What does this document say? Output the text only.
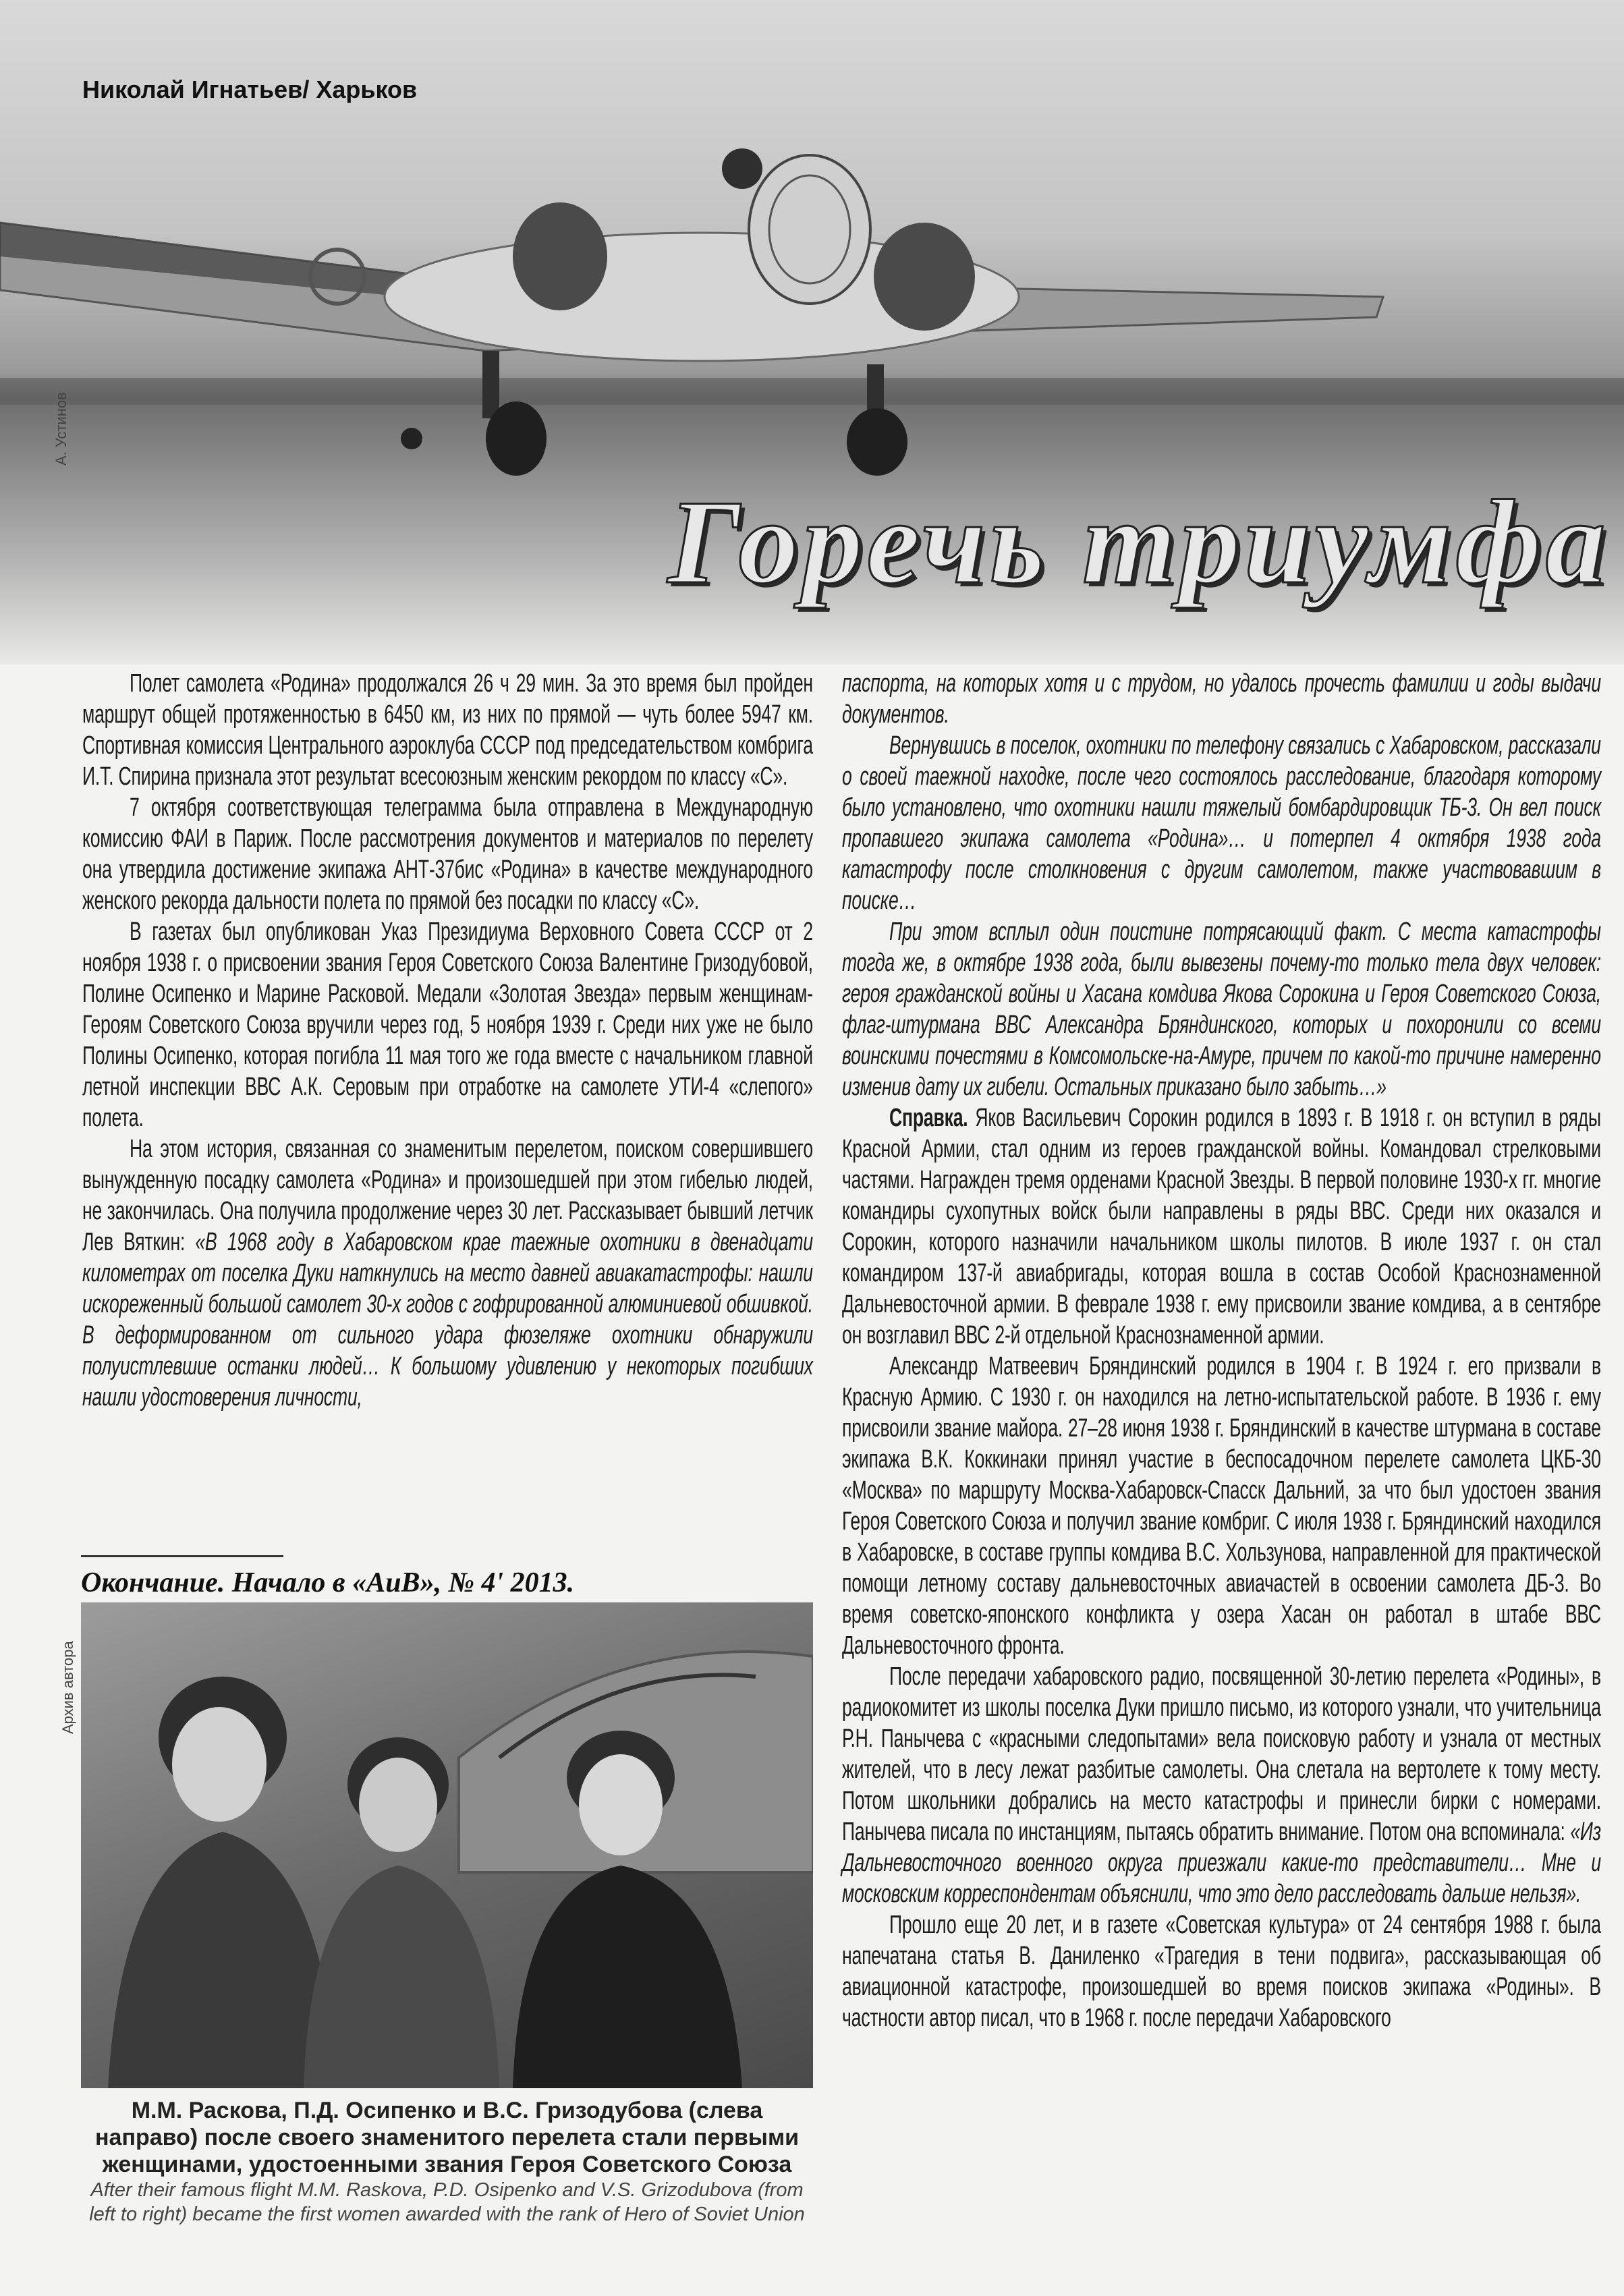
Николай Игнатьев/ Харьков
А. Устинов
Горечь триумфа

Полет самолета «Родина» продолжался 26 ч 29 мин. За это время был пройден маршрут общей протяженностью в 6450 км, из них по прямой — чуть более 5947 км. Спортивная комиссия Центрального аэроклуба СССР под председательством комбрига И.Т. Спирина признала этот результат всесоюзным женским рекордом по классу «С».

7 октября соответствующая телеграмма была отправлена в Международную комиссию ФАИ в Париж. После рассмотрения документов и материалов по перелету она утвердила достижение экипажа АНТ-37бис «Родина» в качестве международного женского рекорда дальности полета по прямой без посадки по классу «С».

В газетах был опубликован Указ Президиума Верховного Совета СССР от 2 ноября 1938 г. о присвоении звания Героя Советского Союза Валентине Гризодубовой, Полине Осипенко и Марине Расковой. Медали «Золотая Звезда» первым женщинам-Героям Советского Союза вручили через год, 5 ноября 1939 г. Среди них уже не было Полины Осипенко, которая погибла 11 мая того же года вместе с начальником главной летной инспекции ВВС А.К. Серовым при отработке на самолете УТИ-4 «слепого» полета.

На этом история, связанная со знаменитым перелетом, поиском совершившего вынужденную посадку самолета «Родина» и произошедшей при этом гибелью людей, не закончилась. Она получила продолжение через 30 лет. Рассказывает бывший летчик Лев Вяткин: «В 1968 году в Хабаровском крае таежные охотники в двенадцати километрах от поселка Дуки наткнулись на место давней авиакатастрофы: нашли искореженный большой самолет 30-х годов с гофрированной алюминиевой обшивкой. В деформированном от сильного удара фюзеляже охотники обнаружили полуистлевшие останки людей… К большому удивлению у некоторых погибших нашли удостоверения личности,

Окончание. Начало в «АиВ», № 4' 2013.
Архив автора
М.М. Раскова, П.Д. Осипенко и В.С. Гризодубова (слева направо) после своего знаменитого перелета стали первыми женщинами, удостоенными звания Героя Советского Союза
After their famous flight M.M. Raskova, P.D. Osipenko and V.S. Grizodubova (from left to right) became the first women awarded with the rank of Hero of Soviet Union

паспорта, на которых хотя и с трудом, но удалось прочесть фамилии и годы выдачи документов.

Вернувшись в поселок, охотники по телефону связались с Хабаровском, рассказали о своей таежной находке, после чего состоялось расследование, благодаря которому было установлено, что охотники нашли тяжелый бомбардировщик ТБ-3. Он вел поиск пропавшего экипажа самолета «Родина»… и потерпел 4 октября 1938 года катастрофу после столкновения с другим самолетом, также участвовавшим в поиске…

При этом всплыл один поистине потрясающий факт. С места катастрофы тогда же, в октябре 1938 года, были вывезены почему-то только тела двух человек: героя гражданской войны и Хасана комдива Якова Сорокина и Героя Советского Союза, флаг-штурмана ВВС Александра Бряндинского, которых и похоронили со всеми воинскими почестями в Комсомольске-на-Амуре, причем по какой-то причине намеренно изменив дату их гибели. Остальных приказано было забыть…»

Справка. Яков Васильевич Сорокин родился в 1893 г. В 1918 г. он вступил в ряды Красной Армии, стал одним из героев гражданской войны. Командовал стрелковыми частями. Награжден тремя орденами Красной Звезды. В первой половине 1930-х гг. многие командиры сухопутных войск были направлены в ряды ВВС. Среди них оказался и Сорокин, которого назначили начальником школы пилотов. В июле 1937 г. он стал командиром 137-й авиабригады, которая вошла в состав Особой Краснознаменной Дальневосточной армии. В феврале 1938 г. ему присвоили звание комдива, а в сентябре он возглавил ВВС 2-й отдельной Краснознаменной армии.

Александр Матвеевич Бряндинский родился в 1904 г. В 1924 г. его призвали в Красную Армию. С 1930 г. он находился на летно-испытательской работе. В 1936 г. ему присвоили звание майора. 27–28 июня 1938 г. Бряндинский в качестве штурмана в составе экипажа В.К. Коккинаки принял участие в беспосадочном перелете самолета ЦКБ-30 «Москва» по маршруту Москва-Хабаровск-Спасск Дальний, за что был удостоен звания Героя Советского Союза и получил звание комбриг. С июля 1938 г. Бряндинский находился в Хабаровске, в составе группы комдива В.С. Хользунова, направленной для практической помощи летному составу дальневосточных авиачастей в освоении самолета ДБ-3. Во время советско-японского конфликта у озера Хасан он работал в штабе ВВС Дальневосточного фронта.

После передачи хабаровского радио, посвященной 30-летию перелета «Родины», в радиокомитет из школы поселка Дуки пришло письмо, из которого узнали, что учительница Р.Н. Панычева с «красными следопытами» вела поисковую работу и узнала от местных жителей, что в лесу лежат разбитые самолеты. Она слетала на вертолете к тому месту. Потом школьники добрались на место катастрофы и принесли бирки с номерами. Панычева писала по инстанциям, пытаясь обратить внимание. Потом она вспоминала: «Из Дальневосточного военного округа приезжали какие-то представители… Мне и московским корреспондентам объяснили, что это дело расследовать дальше нельзя».

Прошло еще 20 лет, и в газете «Советская культура» от 24 сентября 1988 г. была напечатана статья В. Даниленко «Трагедия в тени подвига», рассказывающая об авиационной катастрофе, произошедшей во время поисков экипажа «Родины». В частности автор писал, что в 1968 г. после передачи Хабаровского
